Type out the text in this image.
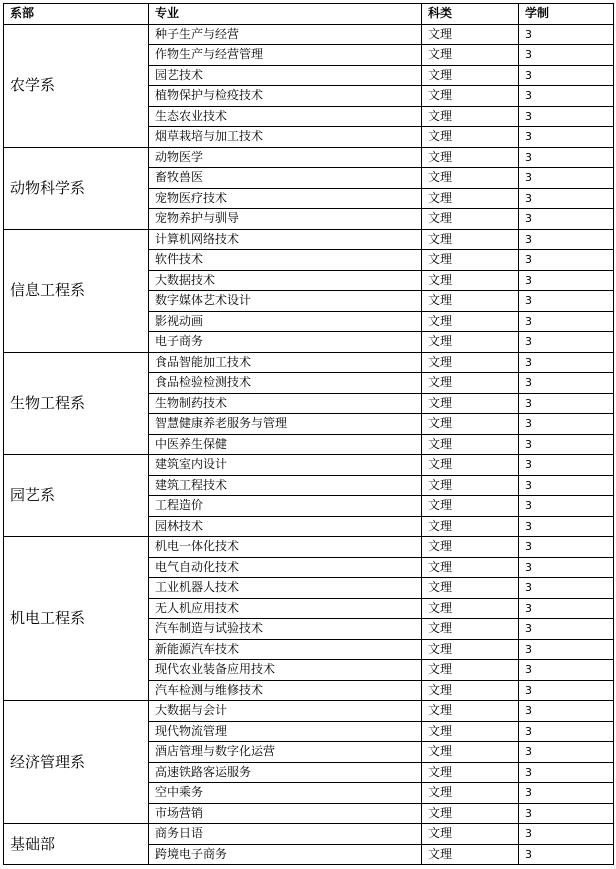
系部	专业	科类	学制
农学系	种子生产与经营	文理	3
	作物生产与经营管理	文理	3
	园艺技术	文理	3
	植物保护与检疫技术	文理	3
	生态农业技术	文理	3
	烟草栽培与加工技术	文理	3
动物科学系	动物医学	文理	3
	畜牧兽医	文理	3
	宠物医疗技术	文理	3
	宠物养护与驯导	文理	3
信息工程系	计算机网络技术	文理	3
	软件技术	文理	3
	大数据技术	文理	3
	数字媒体艺术设计	文理	3
	影视动画	文理	3
	电子商务	文理	3
生物工程系	食品智能加工技术	文理	3
	食品检验检测技术	文理	3
	生物制药技术	文理	3
	智慧健康养老服务与管理	文理	3
	中医养生保健	文理	3
园艺系	建筑室内设计	文理	3
	建筑工程技术	文理	3
	工程造价	文理	3
	园林技术	文理	3
机电工程系	机电一体化技术	文理	3
	电气自动化技术	文理	3
	工业机器人技术	文理	3
	无人机应用技术	文理	3
	汽车制造与试验技术	文理	3
	新能源汽车技术	文理	3
	现代农业装备应用技术	文理	3
	汽车检测与维修技术	文理	3
经济管理系	大数据与会计	文理	3
	现代物流管理	文理	3
	酒店管理与数字化运营	文理	3
	高速铁路客运服务	文理	3
	空中乘务	文理	3
	市场营销	文理	3
基础部	商务日语	文理	3
	跨境电子商务	文理	3
